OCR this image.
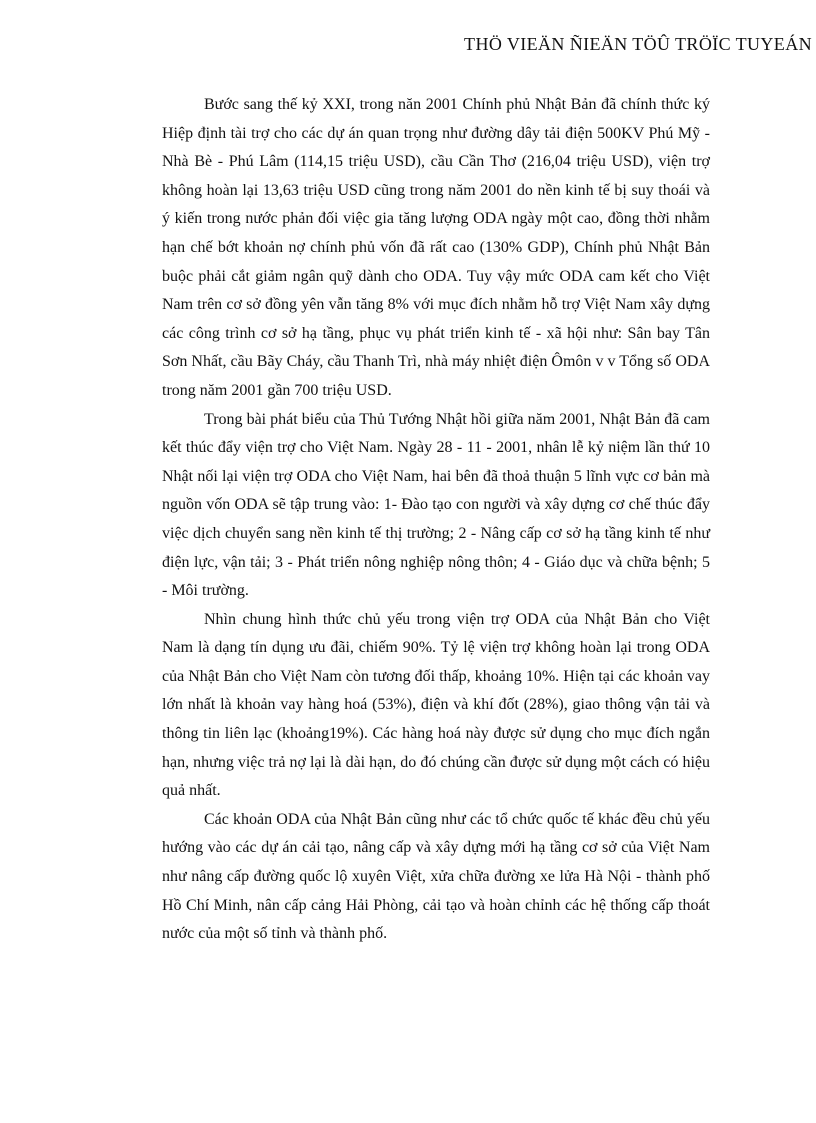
THÖ VIEÄN ÑIEÄN TÖÛ TRÖÏC TUYEÁN

Bước sang thế kỷ XXI, trong năn 2001 Chính phủ Nhật Bản đã chính thức ký Hiệp định tài trợ cho các dự án quan trọng như đường dây tải điện 500KV Phú Mỹ - Nhà Bè - Phú Lâm (114,15 triệu USD), cầu Cần Thơ (216,04 triệu USD), viện trợ không hoàn lại 13,63 triệu USD cũng trong năm 2001 do nền kinh tế bị suy thoái và ý kiến trong nước phản đối việc gia tăng lượng ODA ngày một cao, đồng thời nhằm hạn chế bớt khoản nợ chính phủ vốn đã rất cao (130% GDP), Chính phủ Nhật Bản buộc phải cắt giảm ngân quỹ dành cho ODA. Tuy vậy mức ODA cam kết cho Việt Nam trên cơ sở đồng yên vẫn tăng 8% với mục đích nhằm hỗ trợ Việt Nam xây dựng các công trình cơ sở hạ tầng, phục vụ phát triển kinh tế - xã hội như: Sân bay Tân Sơn Nhất, cầu Bãy Cháy, cầu Thanh Trì, nhà máy nhiệt điện Ômôn v v Tổng số ODA trong năm 2001 gần 700 triệu USD.

Trong bài phát biểu của Thủ Tướng Nhật hồi giữa năm 2001, Nhật Bản đã cam kết thúc đẩy viện trợ cho Việt Nam. Ngày 28 - 11 - 2001, nhân lễ kỷ niệm lần thứ 10 Nhật nối lại viện trợ ODA cho Việt Nam, hai bên đã thoả thuận 5 lĩnh vực cơ bản mà nguồn vốn ODA sẽ tập trung vào: 1- Đào tạo con người và xây dựng cơ chế thúc đẩy việc dịch chuyển sang nền kinh tế thị trường; 2 - Nâng cấp cơ sở hạ tầng kinh tế như điện lực, vận tải; 3 - Phát triển nông nghiệp nông thôn; 4 - Giáo dục và chữa bệnh; 5 - Môi trường.

Nhìn chung hình thức chủ yếu trong viện trợ ODA của Nhật Bản cho Việt Nam là dạng tín dụng ưu đãi, chiếm 90%. Tỷ lệ viện trợ không hoàn lại trong ODA của Nhật Bản cho Việt Nam còn tương đối thấp, khoảng 10%. Hiện tại các khoản vay lớn nhất là khoản vay hàng hoá (53%), điện và khí đốt (28%), giao thông vận tải và thông tin liên lạc (khoảng19%). Các hàng hoá này được sử dụng cho mục đích ngắn hạn, nhưng việc trả nợ lại là dài hạn, do đó chúng cần được sử dụng một cách có hiệu quả nhất.

Các khoản ODA của Nhật Bản cũng như các tổ chức quốc tế khác đều chủ yếu hướng vào các dự án cải tạo, nâng cấp và xây dựng mới hạ tầng cơ sở của Việt Nam như nâng cấp đường quốc lộ xuyên Việt, xửa chữa đường xe lửa Hà Nội - thành phố Hồ Chí Minh, nân cấp cảng Hải Phòng, cải tạo và hoàn chỉnh các hệ thống cấp thoát nước của một số tỉnh và thành phố.
